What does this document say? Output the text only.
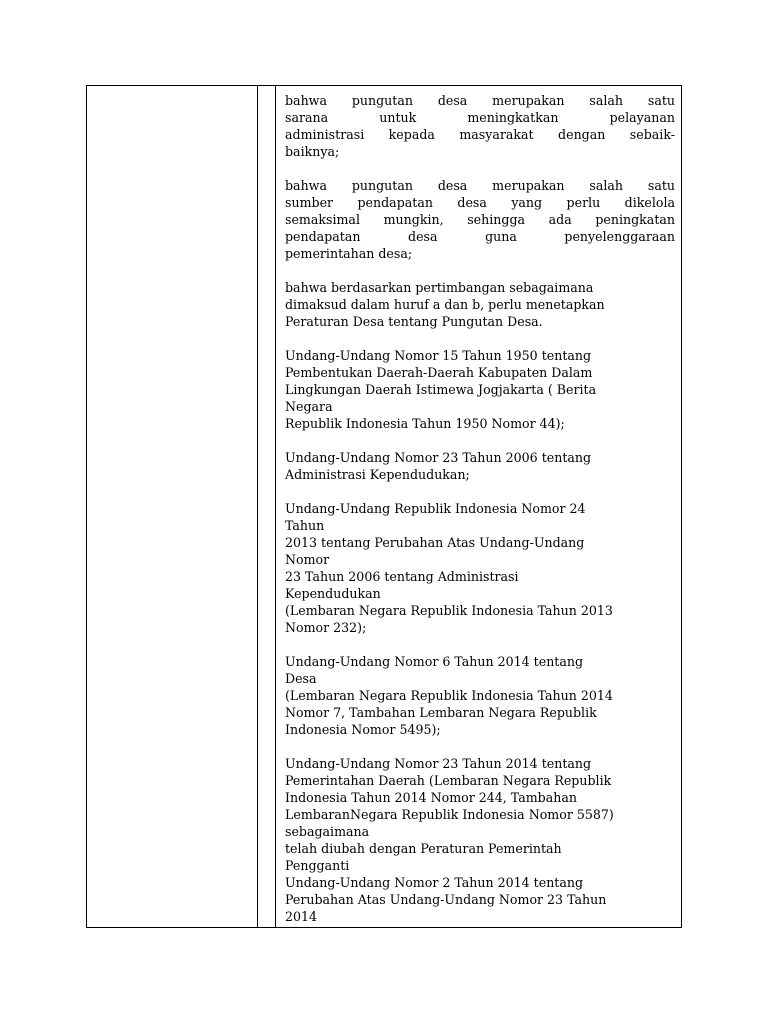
bahwa pungutan desa merupakan salah satu
sarana untuk meningkatkan pelayanan
administrasi kepada masyarakat dengan sebaik-
baiknya;
bahwa pungutan desa merupakan salah satu
sumber pendapatan desa yang perlu dikelola
semaksimal mungkin, sehingga ada peningkatan
pendapatan desa guna penyelenggaraan
pemerintahan desa;
bahwa berdasarkan pertimbangan sebagaimana
dimaksud dalam huruf a dan b, perlu menetapkan
Peraturan Desa tentang Pungutan Desa.
Undang-Undang Nomor 15 Tahun 1950 tentang
Pembentukan Daerah-Daerah Kabupaten Dalam
Lingkungan Daerah Istimewa Jogjakarta ( Berita
Negara
Republik Indonesia Tahun 1950 Nomor 44);
Undang-Undang Nomor 23 Tahun 2006 tentang
Administrasi Kependudukan;
Undang-Undang Republik Indonesia Nomor 24
Tahun
2013 tentang Perubahan Atas Undang-Undang
Nomor
23 Tahun 2006 tentang Administrasi
Kependudukan
(Lembaran Negara Republik Indonesia Tahun 2013
Nomor 232);
Undang-Undang Nomor 6 Tahun 2014 tentang
Desa
(Lembaran Negara Republik Indonesia Tahun 2014
Nomor 7, Tambahan Lembaran Negara Republik
Indonesia Nomor 5495);
Undang-Undang Nomor 23 Tahun 2014 tentang
Pemerintahan Daerah (Lembaran Negara Republik
Indonesia Tahun 2014 Nomor 244, Tambahan
LembaranNegara Republik Indonesia Nomor 5587)
sebagaimana
telah diubah dengan Peraturan Pemerintah
Pengganti
Undang-Undang Nomor 2 Tahun 2014 tentang
Perubahan Atas Undang-Undang Nomor 23 Tahun
2014
